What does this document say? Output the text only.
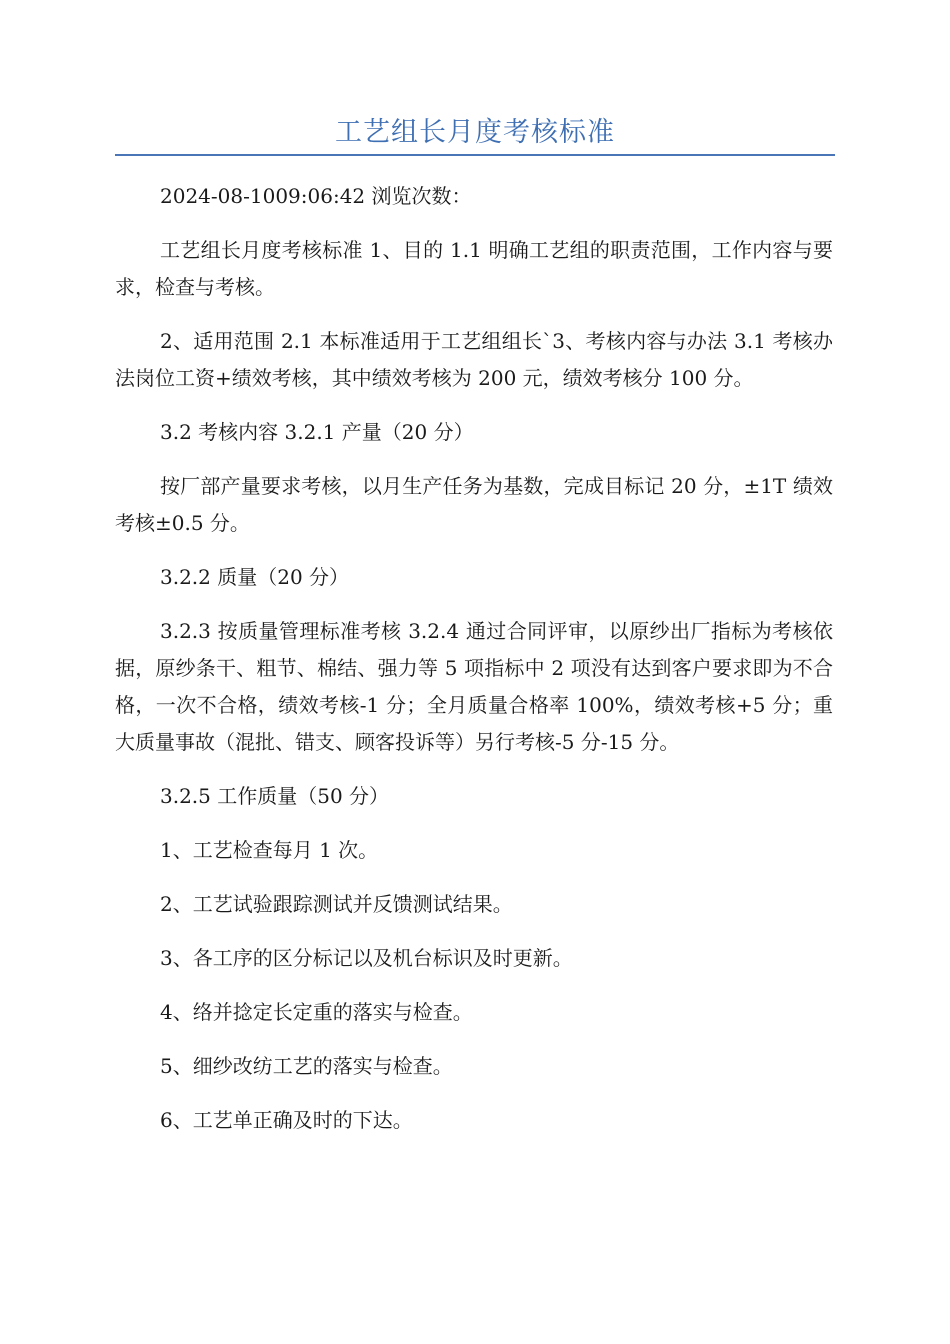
工艺组长月度考核标准

2024-08-1009:06:42 浏览次数：

工艺组长月度考核标准 1、目的 1.1 明确工艺组的职责范围，工作内容与要求，检查与考核。

2、适用范围 2.1 本标准适用于工艺组组长`3、考核内容与办法 3.1 考核办法岗位工资+绩效考核，其中绩效考核为 200 元，绩效考核分 100 分。

3.2 考核内容 3.2.1 产量（20 分）

按厂部产量要求考核，以月生产任务为基数，完成目标记 20 分，±1T 绩效考核±0.5 分。

3.2.2 质量（20 分）

3.2.3 按质量管理标准考核 3.2.4 通过合同评审，以原纱出厂指标为考核依据，原纱条干、粗节、棉结、强力等 5 项指标中 2 项没有达到客户要求即为不合格，一次不合格，绩效考核-1 分；全月质量合格率 100%，绩效考核+5 分；重大质量事故（混批、错支、顾客投诉等）另行考核-5 分-15 分。

3.2.5 工作质量（50 分）

1、工艺检查每月 1 次。

2、工艺试验跟踪测试并反馈测试结果。

3、各工序的区分标记以及机台标识及时更新。

4、络并捻定长定重的落实与检查。

5、细纱改纺工艺的落实与检查。

6、工艺单正确及时的下达。
